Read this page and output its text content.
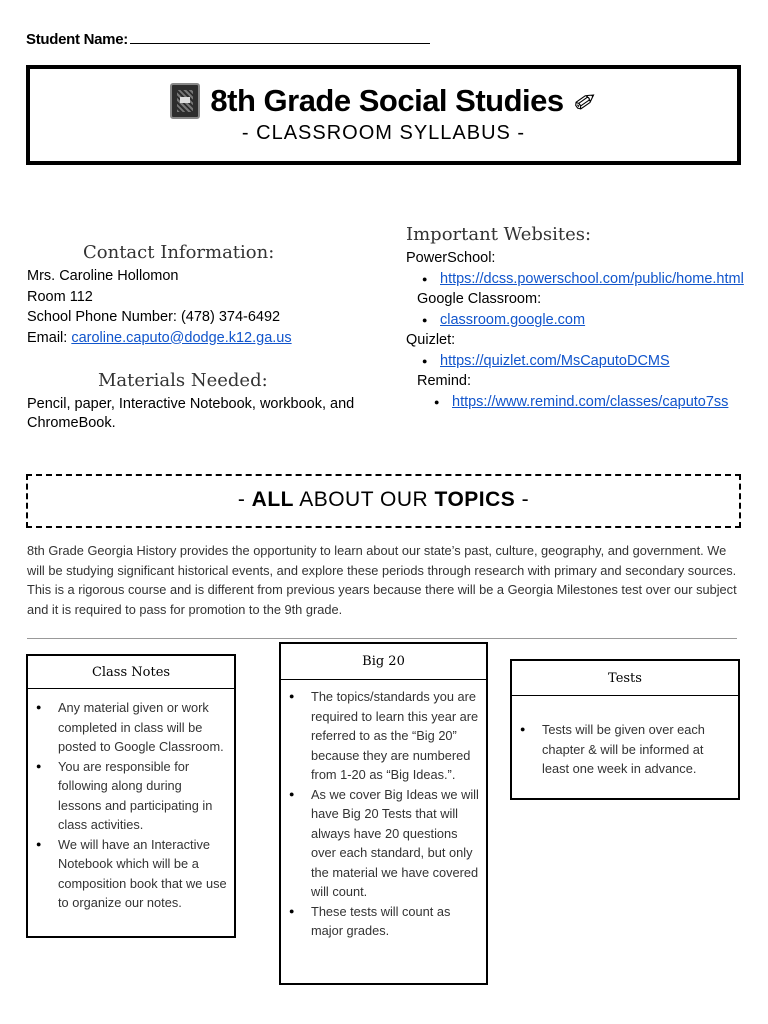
Student Name:
8th Grade Social Studies ✏
- CLASSROOM SYLLABUS -
Contact Information:
Mrs. Caroline Hollomon
Room 112
School Phone Number: (478) 374-6492
Email: caroline.caputo@dodge.k12.ga.us
Materials Needed:
Pencil, paper, Interactive Notebook, workbook, and ChromeBook.
Important Websites:
PowerSchool:
● https://dcss.powerschool.com/public/home.html
Google Classroom:
● classroom.google.com
Quizlet:
● https://quizlet.com/MsCaputoDCMS
Remind:
● https://www.remind.com/classes/caputo7ss
- ALL ABOUT OUR TOPICS -
8th Grade Georgia History provides the opportunity to learn about our state’s past, culture, geography, and government. We will be studying significant historical events, and explore these periods through research with primary and secondary sources. This is a rigorous course and is different from previous years because there will be a Georgia Milestones test over our subject and it is required to pass for promotion to the 9th grade.
Class Notes
● Any material given or work completed in class will be posted to Google Classroom.
● You are responsible for following along during lessons and participating in class activities.
● We will have an Interactive Notebook which will be a composition book that we use to organize our notes.
Big 20
● The topics/standards you are required to learn this year are referred to as the “Big 20” because they are numbered from 1-20 as “Big Ideas.”.
● As we cover Big Ideas we will have Big 20 Tests that will always have 20 questions over each standard, but only the material we have covered will count.
● These tests will count as major grades.
Tests
● Tests will be given over each chapter & will be informed at least one week in advance.
